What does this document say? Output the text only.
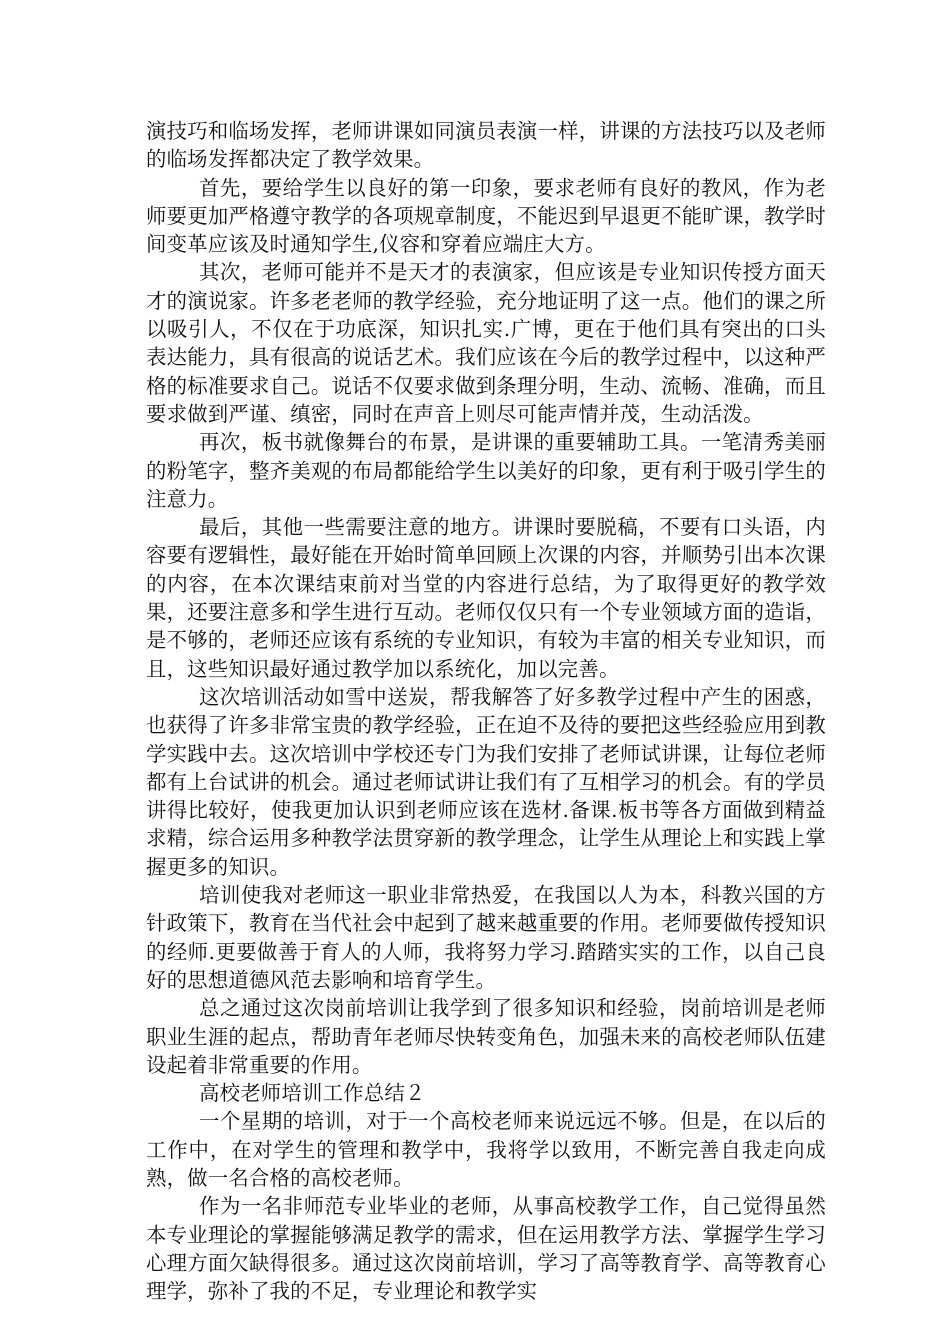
演技巧和临场发挥，老师讲课如同演员表演一样，讲课的方法技巧以及老师的临场发挥都决定了教学效果。

首先，要给学生以良好的第一印象，要求老师有良好的教风，作为老师要更加严格遵守教学的各项规章制度，不能迟到早退更不能旷课，教学时间变革应该及时通知学生,仪容和穿着应端庄大方。

其次，老师可能并不是天才的表演家，但应该是专业知识传授方面天才的演说家。许多老老师的教学经验，充分地证明了这一点。他们的课之所以吸引人，不仅在于功底深，知识扎实.广博，更在于他们具有突出的口头表达能力，具有很高的说话艺术。我们应该在今后的教学过程中，以这种严格的标准要求自己。说话不仅要求做到条理分明，生动、流畅、准确，而且要求做到严谨、缜密，同时在声音上则尽可能声情并茂，生动活泼。

再次，板书就像舞台的布景，是讲课的重要辅助工具。一笔清秀美丽的粉笔字，整齐美观的布局都能给学生以美好的印象，更有利于吸引学生的注意力。

最后，其他一些需要注意的地方。讲课时要脱稿，不要有口头语，内容要有逻辑性，最好能在开始时简单回顾上次课的内容，并顺势引出本次课的内容，在本次课结束前对当堂的内容进行总结，为了取得更好的教学效果，还要注意多和学生进行互动。老师仅仅只有一个专业领域方面的造诣，是不够的，老师还应该有系统的专业知识，有较为丰富的相关专业知识，而且，这些知识最好通过教学加以系统化，加以完善。

这次培训活动如雪中送炭，帮我解答了好多教学过程中产生的困惑，也获得了许多非常宝贵的教学经验，正在迫不及待的要把这些经验应用到教学实践中去。这次培训中学校还专门为我们安排了老师试讲课，让每位老师都有上台试讲的机会。通过老师试讲让我们有了互相学习的机会。有的学员讲得比较好，使我更加认识到老师应该在选材.备课.板书等各方面做到精益求精，综合运用多种教学法贯穿新的教学理念，让学生从理论上和实践上掌握更多的知识。

培训使我对老师这一职业非常热爱，在我国以人为本，科教兴国的方针政策下，教育在当代社会中起到了越来越重要的作用。老师要做传授知识的经师.更要做善于育人的人师，我将努力学习.踏踏实实的工作，以自己良好的思想道德风范去影响和培育学生。

总之通过这次岗前培训让我学到了很多知识和经验，岗前培训是老师职业生涯的起点，帮助青年老师尽快转变角色，加强未来的高校老师队伍建设起着非常重要的作用。

高校老师培训工作总结２

一个星期的培训，对于一个高校老师来说远远不够。但是，在以后的工作中，在对学生的管理和教学中，我将学以致用，不断完善自我走向成熟，做一名合格的高校老师。

作为一名非师范专业毕业的老师，从事高校教学工作，自己觉得虽然本专业理论的掌握能够满足教学的需求，但在运用教学方法、掌握学生学习心理方面欠缺得很多。通过这次岗前培训，学习了高等教育学、高等教育心理学，弥补了我的不足，专业理论和教学实
